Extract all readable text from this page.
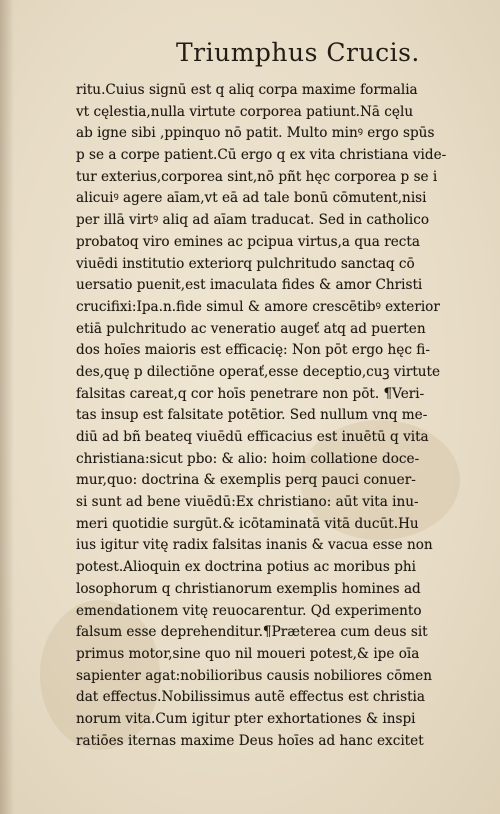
Triumphus Crucis.
ritu.Cuius signū est q aliq corpa maxime formalia
vt cęlestia,nulla virtute corporea patiunt.Nā cęlu
ab igne sibi ,ppinquo nō patit. Multo minꝰ ergo spūs
p se a corpe patient.Cū ergo q ex vita christiana vide-
tur exterius,corporea sint,nō pñt hęc corporea p se i
alicuiꝰ agere aīam,vt eā ad tale bonū cōmutent,nisi
per illā virtꝰ aliq ad aīam traducat. Sed in catholico
probatoq viro emines ac pcipua virtus,a qua recta
viuēdi institutio exteriorq pulchritudo sanctaq cō
uersatio puenit,est imaculata fides & amor Christi
crucifixi:Ipa.n.fide simul & amore crescētibꝰ exterior
etiā pulchritudo ac veneratio augeť atq ad puerten
dos hoīes maioris est efficacię: Non pōt ergo hęc fi-
des,quę p dilectiōne operať,esse deceptio,cuꝫ virtute
falsitas careat,q cor hoīs penetrare non pōt. ¶Veri-
tas insup est falsitate potētior. Sed nullum vnq me-
diū ad bñ beateq viuēdū efficacius est inuētū q vita
christiana:sicut pbo: & alio: hoim collatione doce-
mur,quo: doctrina & exemplis perq pauci conuer-
si sunt ad bene viuēdū:Ex christiano: aūt vita inu-
meri quotidie surgūt.& icōtaminatā vitā ducūt.Hu
ius igitur vitę radix falsitas inanis & vacua esse non
potest.Alioquin ex doctrina potius ac moribus phi
losophorum q christianorum exemplis homines ad
emendationem vitę reuocarentur. Qd experimento
falsum esse deprehenditur.¶Prӕterea cum deus sit
primus motor,sine quo nil moueri potest,& ipe oīa
sapienter agat:nobilioribus causis nobiliores cōmen
dat effectus.Nobilissimus autẽ effectus est christia
norum vita.Cum igitur pter exhortationes & inspi
ratiōes iternas maxime Deus hoīes ad hanc excitet
